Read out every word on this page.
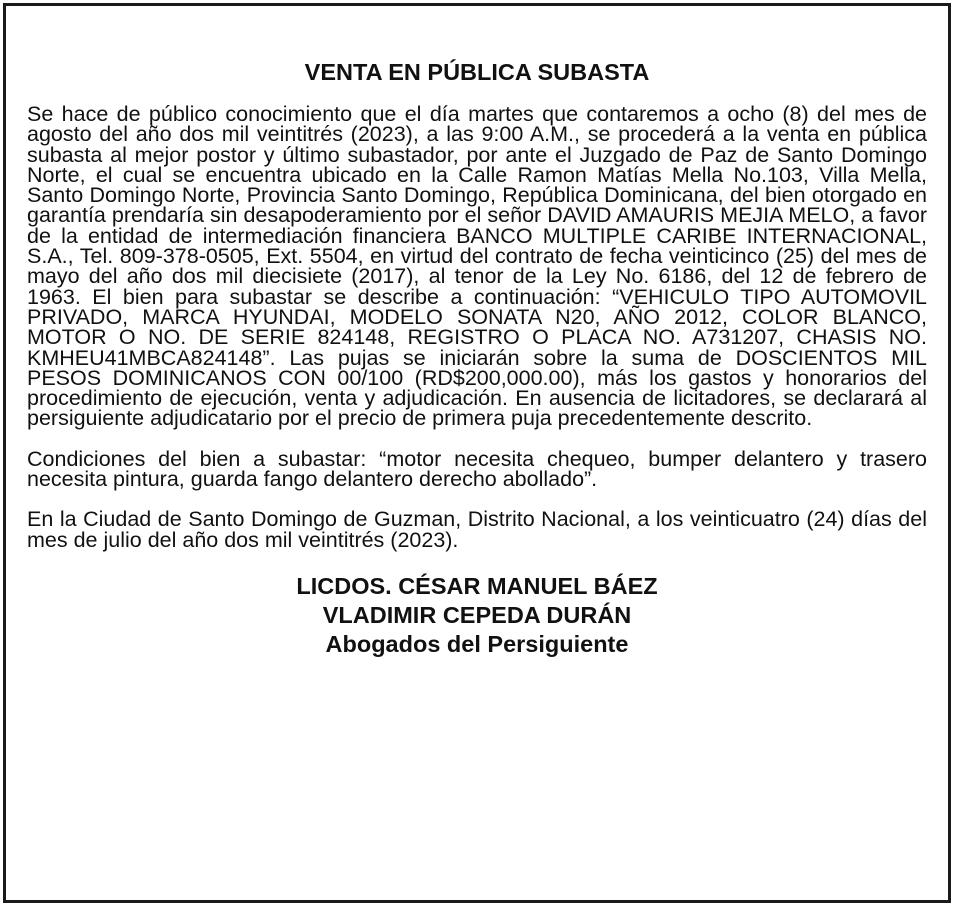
VENTA EN PÚBLICA SUBASTA

Se hace de público conocimiento que el día martes que contaremos a ocho (8) del mes de agosto del año dos mil veintitrés (2023), a las 9:00 A.M., se procederá a la venta en pública subasta al mejor postor y último subastador, por ante el Juzgado de Paz de Santo Domingo Norte, el cual se encuentra ubicado en la Calle Ramon Matías Mella No.103, Villa Mella, Santo Domingo Norte, Provincia Santo Domingo, República Dominicana, del bien otorgado en garantía prendaría sin desapoderamiento por el señor DAVID AMAURIS MEJIA MELO, a favor de la entidad de intermediación financiera BANCO MULTIPLE CARIBE INTERNACIONAL, S.A., Tel. 809-378-0505, Ext. 5504, en virtud del contrato de fecha veinticinco (25) del mes de mayo del año dos mil diecisiete (2017), al tenor de la Ley No. 6186, del 12 de febrero de 1963. El bien para subastar se describe a continuación: “VEHICULO TIPO AUTOMOVIL PRIVADO, MARCA HYUNDAI, MODELO SONATA N20, AÑO 2012, COLOR BLANCO, MOTOR O NO. DE SERIE 824148, REGISTRO O PLACA NO. A731207, CHASIS NO. KMHEU41MBCA824148”. Las pujas se iniciarán sobre la suma de DOSCIENTOS MIL PESOS DOMINICANOS CON 00/100 (RD$200,000.00), más los gastos y honorarios del procedimiento de ejecución, venta y adjudicación. En ausencia de licitadores, se declarará al persiguiente adjudicatario por el precio de primera puja precedentemente descrito.

Condiciones del bien a subastar: “motor necesita chequeo, bumper delantero y trasero necesita pintura, guarda fango delantero derecho abollado”.

En la Ciudad de Santo Domingo de Guzman, Distrito Nacional, a los veinticuatro (24) días del mes de julio del año dos mil veintitrés (2023).

LICDOS. CÉSAR MANUEL BÁEZ
VLADIMIR CEPEDA DURÁN
Abogados del Persiguiente
